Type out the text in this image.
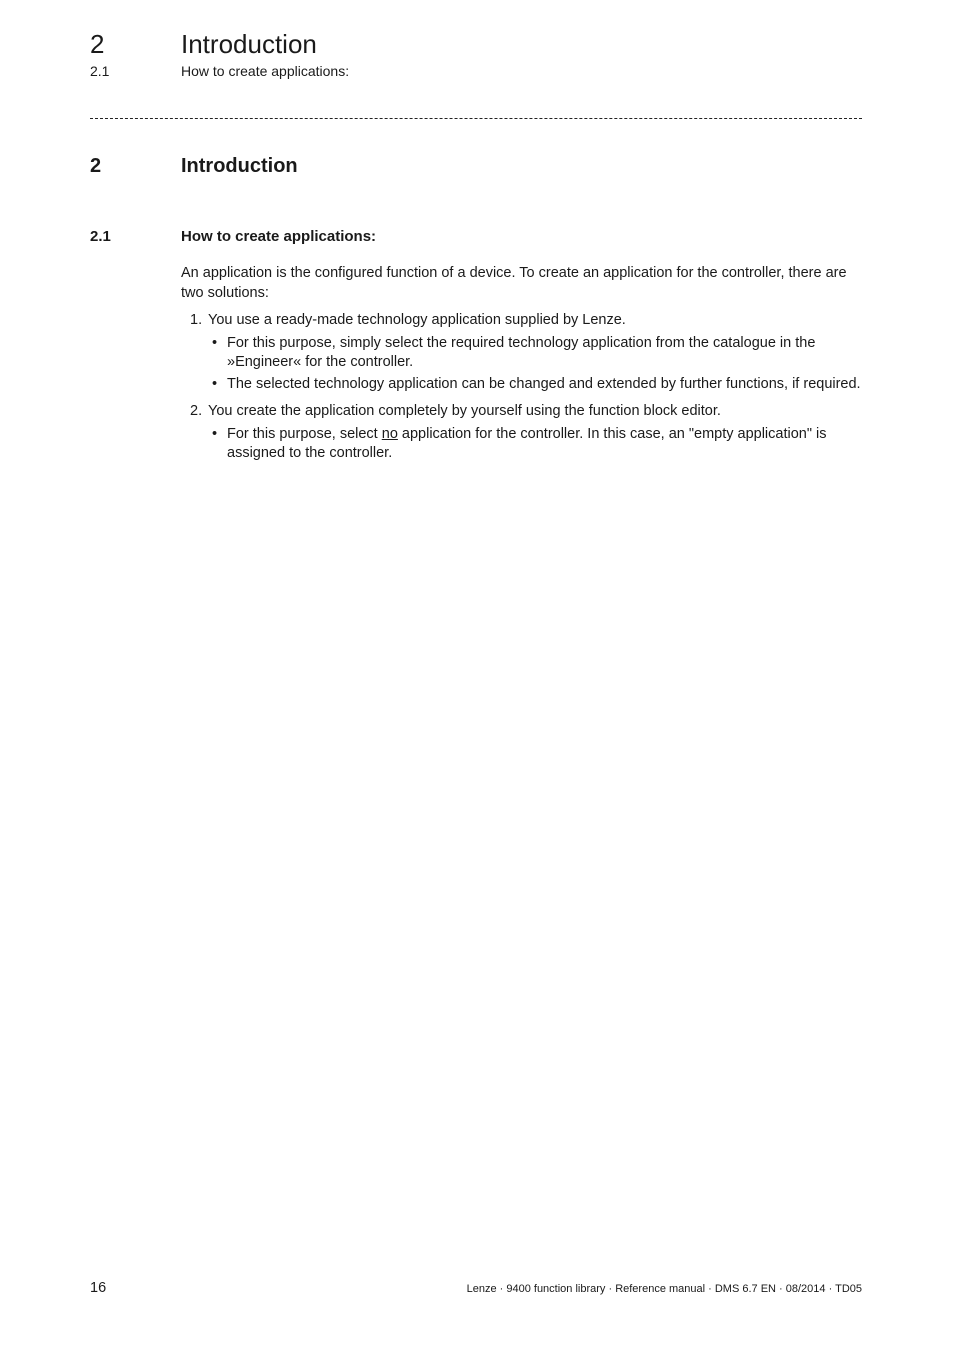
2	Introduction
2.1	How to create applications:
2	Introduction
2.1	How to create applications:

An application is the configured function of a device. To create an application for the controller, there are two solutions:

1. You use a ready-made technology application supplied by Lenze.
• For this purpose, simply select the required technology application from the catalogue in the »Engineer« for the controller.
• The selected technology application can be changed and extended by further functions, if required.
2. You create the application completely by yourself using the function block editor.
• For this purpose, select no application for the controller. In this case, an "empty application" is assigned to the controller.
16	Lenze · 9400 function library · Reference manual · DMS 6.7 EN · 08/2014 · TD05
